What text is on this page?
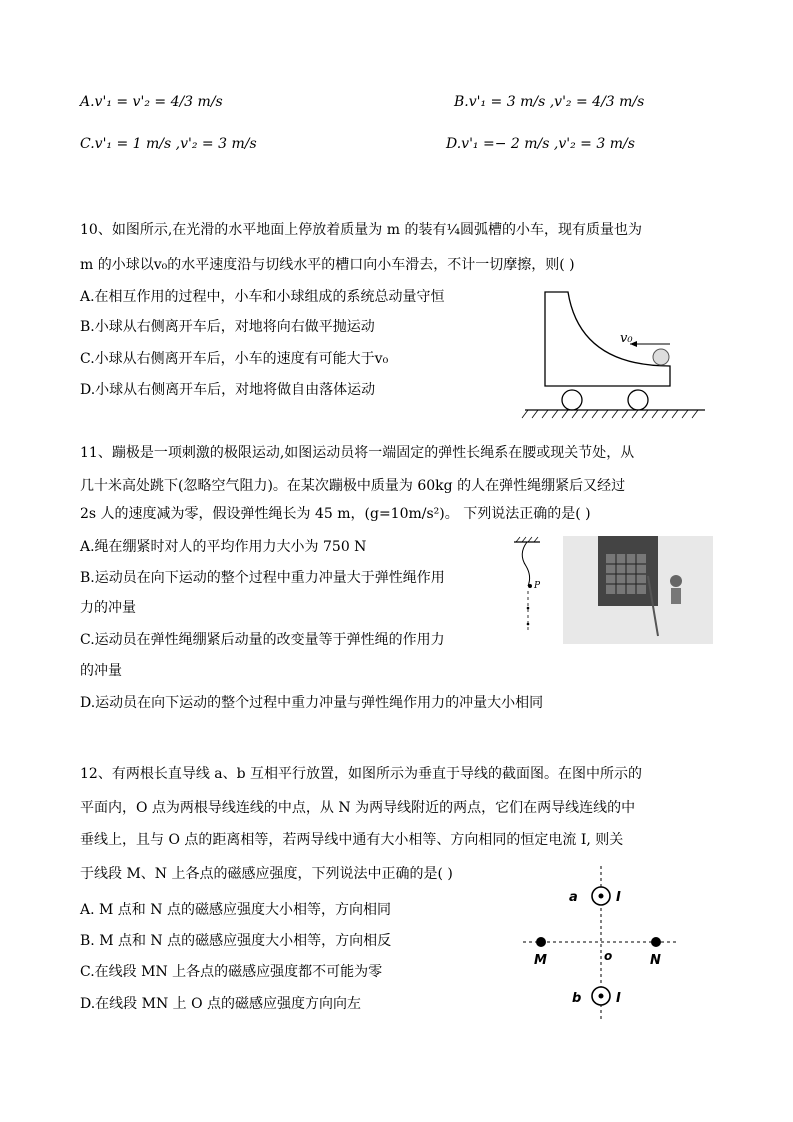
A.v'₁ = v'₂ = 4/3 m/s	B.v'₁ = 3 m/s ,v'₂ = 4/3 m/s
C.v'₁ = 1 m/s ,v'₂ = 3 m/s	D.v'₁ =− 2 m/s ,v'₂ = 3 m/s
10、如图所示,在光滑的水平地面上停放着质量为 m 的装有¼圆弧槽的小车，现有质量也为
m 的小球以v₀的水平速度沿与切线水平的槽口向小车滑去，不计一切摩擦，则( )
A.在相互作用的过程中，小车和小球组成的系统总动量守恒
B.小球从右侧离开车后，对地将向右做平抛运动
C.小球从右侧离开车后，小车的速度有可能大于v₀
D.小球从右侧离开车后，对地将做自由落体运动
v₀
11、蹦极是一项刺激的极限运动,如图运动员将一端固定的弹性长绳系在腰或现关节处，从
几十米高处跳下(忽略空气阻力)。在某次蹦极中质量为 60kg 的人在弹性绳绷紧后又经过
2s 人的速度减为零，假设弹性绳长为 45 m，(g=10m/s²)。 下列说法正确的是( )
A.绳在绷紧时对人的平均作用力大小为 750 N
B.运动员在向下运动的整个过程中重力冲量大于弹性绳作用
力的冲量
C.运动员在弹性绳绷紧后动量的改变量等于弹性绳的作用力
的冲量
D.运动员在向下运动的整个过程中重力冲量与弹性绳作用力的冲量大小相同
P
12、有两根长直导线 a、b 互相平行放置，如图所示为垂直于导线的截面图。在图中所示的
平面内，O 点为两根导线连线的中点，从 N 为两导线附近的两点，它们在两导线连线的中
垂线上，且与 O 点的距离相等，若两导线中通有大小相等、方向相同的恒定电流 I, 则关
于线段 M、N 上各点的磁感应强度，下列说法中正确的是( )
A. M 点和 N 点的磁感应强度大小相等，方向相同
B. M 点和 N 点的磁感应强度大小相等，方向相反
C.在线段 MN 上各点的磁感应强度都不可能为零
D.在线段 MN 上 O 点的磁感应强度方向向左
a	I
b	I
M	N
o
